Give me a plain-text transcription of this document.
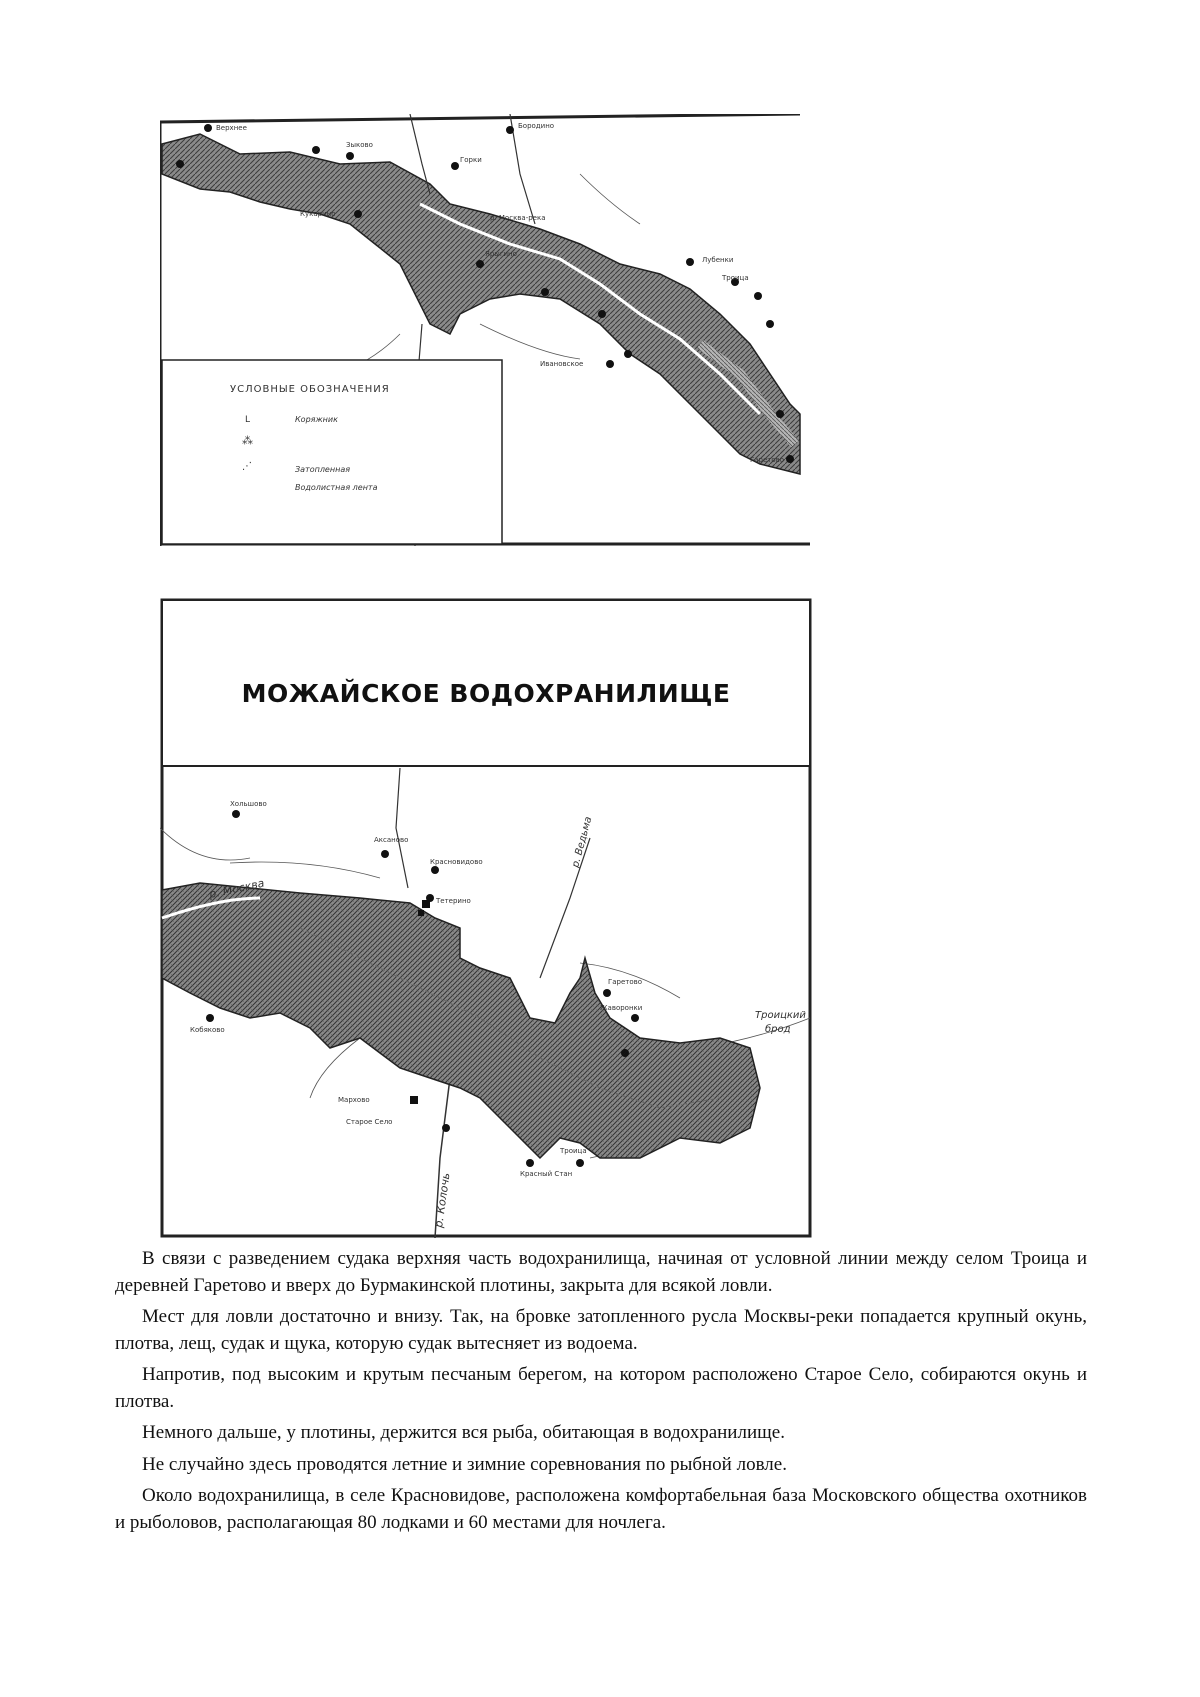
Верхнее
Зыково
Горки
Бородино
Кукарино
Ярыгино
Лубенки
Троица
Ивановское
Гаретово
р. Москва-река
УСЛОВНЫЕ ОБОЗНАЧЕНИЯ
L	Коряжник
⁂
⋰	Затопленная
Водолистная лента
МОЖАЙСКОЕ ВОДОХРАНИЛИЩЕ
Хольшово
Аксаново
Красновидово
Тетерино
Кобяково
Гаретово
Жаворонки
Мархово
Старое Село
Красный Стан
Троица
р. Москва
р. Ведьма
р. Колочь
Троицкий
брод

В связи с разведением судака верхняя часть водохранилища, начиная от условной линии между селом Троица и деревней Гаретово и вверх до Бурмакинской плотины, закрыта для всякой ловли.

Мест для ловли достаточно и внизу. Так, на бровке затопленного русла Москвы-реки попадается крупный окунь, плотва, лещ, судак и щука, которую судак вытесняет из водоема.

Напротив, под высоким и крутым песчаным берегом, на котором расположено Старое Село, собираются окунь и плотва.

Немного дальше, у плотины, держится вся рыба, обитающая в водохранилище.

Не случайно здесь проводятся летние и зимние соревнования по рыбной ловле.

Около водохранилища, в селе Красновидове, расположена комфортабельная база Московского общества охотников и рыболовов, располагающая 80 лодками и 60 местами для ночлега.
